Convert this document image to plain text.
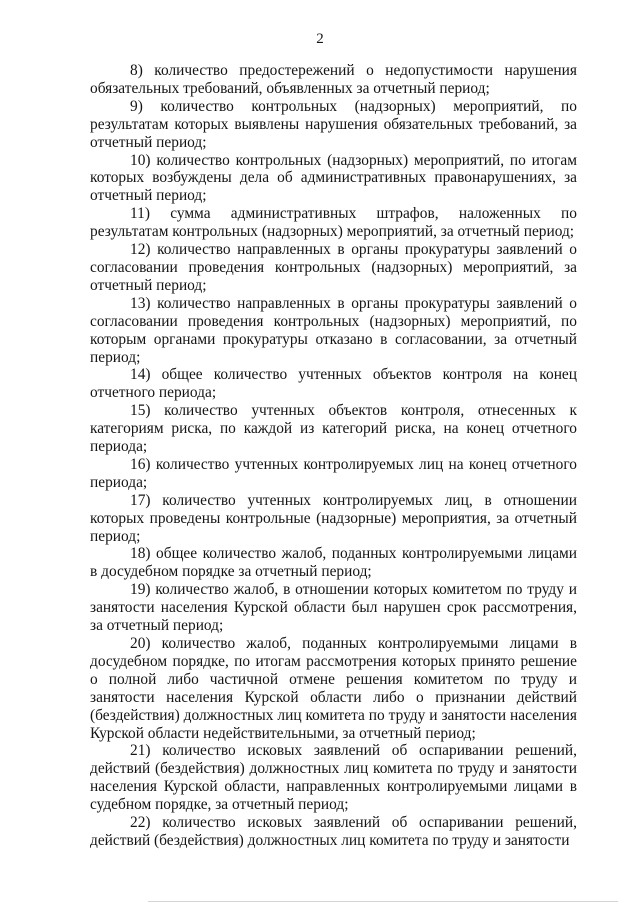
2

8) количество предостережений о недопустимости нарушения обязательных требований, объявленных за отчетный период;

9) количество контрольных (надзорных) мероприятий, по результатам которых выявлены нарушения обязательных требований, за отчетный период;

10) количество контрольных (надзорных) мероприятий, по итогам которых возбуждены дела об административных правонарушениях, за отчетный период;

11) сумма административных штрафов, наложенных по результатам контрольных (надзорных) мероприятий, за отчетный период;

12) количество направленных в органы прокуратуры заявлений о согласовании проведения контрольных (надзорных) мероприятий, за отчетный период;

13) количество направленных в органы прокуратуры заявлений о согласовании проведения контрольных (надзорных) мероприятий, по которым органами прокуратуры отказано в согласовании, за отчетный период;

14) общее количество учтенных объектов контроля на конец отчетного периода;

15) количество учтенных объектов контроля, отнесенных к категориям риска, по каждой из категорий риска, на конец отчетного периода;

16) количество учтенных контролируемых лиц на конец отчетного периода;

17) количество учтенных контролируемых лиц, в отношении которых проведены контрольные (надзорные) мероприятия, за отчетный период;

18) общее количество жалоб, поданных контролируемыми лицами в досудебном порядке за отчетный период;

19) количество жалоб, в отношении которых комитетом по труду и занятости населения Курской области был нарушен срок рассмотрения, за отчетный период;

20) количество жалоб, поданных контролируемыми лицами в досудебном порядке, по итогам рассмотрения которых принято решение о полной либо частичной отмене решения комитетом по труду и занятости населения Курской области либо о признании действий (бездействия) должностных лиц комитета по труду и занятости населения Курской области недействительными, за отчетный период;

21) количество исковых заявлений об оспаривании решений, действий (бездействия) должностных лиц комитета по труду и занятости населения Курской области, направленных контролируемыми лицами в судебном порядке, за отчетный период;

22) количество исковых заявлений об оспаривании решений, действий (бездействия) должностных лиц комитета по труду и занятости
